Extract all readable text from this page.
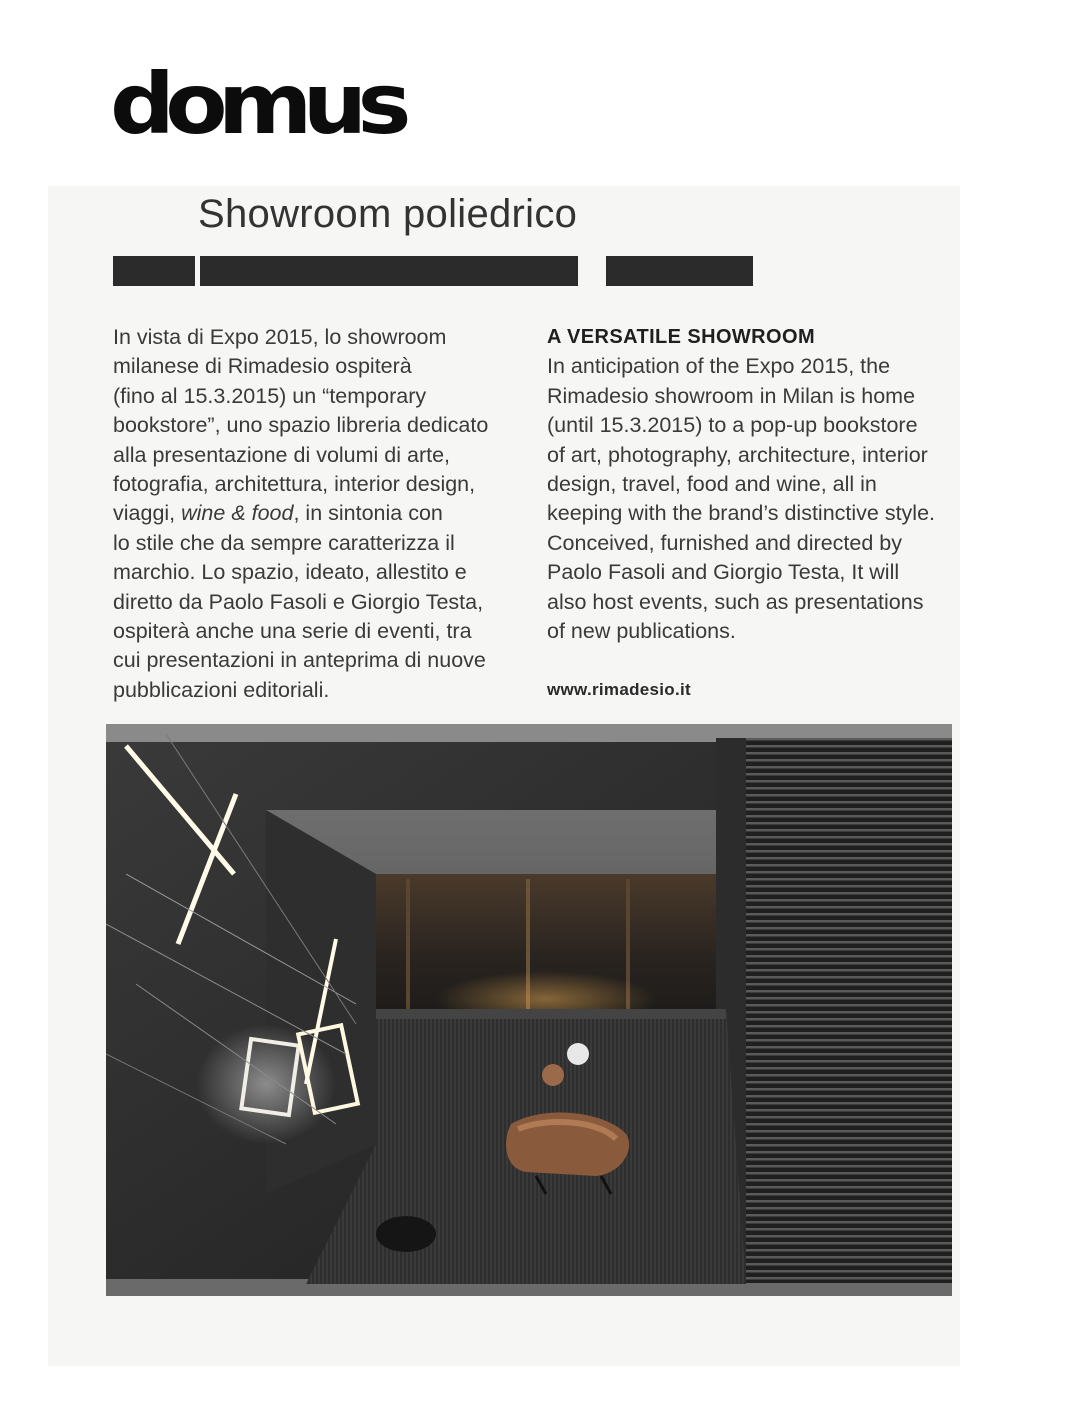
domus
Showroom poliedrico

In vista di Expo 2015, lo showroom

milanese di Rimadesio ospiterà

(fino al 15.3.2015) un “temporary

bookstore”, uno spazio libreria dedicato

alla presentazione di volumi di arte,

fotografia, architettura, interior design,

viaggi, wine & food, in sintonia con

lo stile che da sempre caratterizza il

marchio. Lo spazio, ideato, allestito e

diretto da Paolo Fasoli e Giorgio Testa,

ospiterà anche una serie di eventi, tra

cui presentazioni in anteprima di nuove

pubblicazioni editoriali.

A VERSATILE SHOWROOM

In anticipation of the Expo 2015, the

Rimadesio showroom in Milan is home

(until 15.3.2015) to a pop-up bookstore

of art, photography, architecture, interior

design, travel, food and wine, all in

keeping with the brand’s distinctive style.

Conceived, furnished and directed by

Paolo Fasoli and Giorgio Testa, It will

also host events, such as presentations

of new publications.

www.rimadesio.it
